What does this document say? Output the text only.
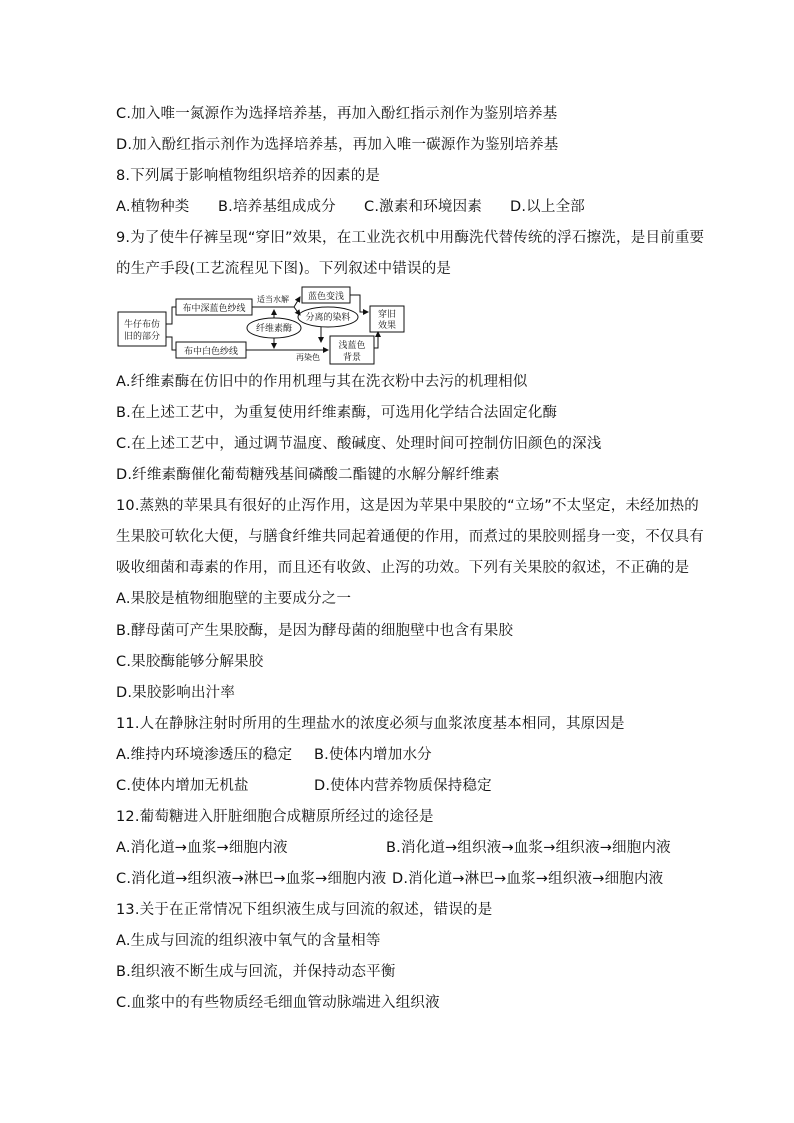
C.加入唯一氮源作为选择培养基，再加入酚红指示剂作为鉴别培养基
D.加入酚红指示剂作为选择培养基，再加入唯一碳源作为鉴别培养基
8.下列属于影响植物组织培养的因素的是
A.植物种类 B.培养基组成成分 C.激素和环境因素 D.以上全部
9.为了使牛仔裤呈现“穿旧”效果，在工业洗衣机中用酶洗代替传统的浮石擦洗，是目前重要
的生产手段(工艺流程见下图)。下列叙述中错误的是
牛仔布仿
旧的部分
布中深蓝色纱线
布中白色纱线
适当水解
纤维素酶
蓝色变浅
分离的染料
再染色
浅蓝色
背景
穿旧
效果
A.纤维素酶在仿旧中的作用机理与其在洗衣粉中去污的机理相似
B.在上述工艺中，为重复使用纤维素酶，可选用化学结合法固定化酶
C.在上述工艺中，通过调节温度、酸碱度、处理时间可控制仿旧颜色的深浅
D.纤维素酶催化葡萄糖残基间磷酸二酯键的水解分解纤维素
10.蒸熟的苹果具有很好的止泻作用，这是因为苹果中果胶的“立场”不太坚定，未经加热的
生果胶可软化大便，与膳食纤维共同起着通便的作用，而煮过的果胶则摇身一变，不仅具有
吸收细菌和毒素的作用，而且还有收敛、止泻的功效。下列有关果胶的叙述，不正确的是
A.果胶是植物细胞壁的主要成分之一
B.酵母菌可产生果胶酶，是因为酵母菌的细胞壁中也含有果胶
C.果胶酶能够分解果胶
D.果胶影响出汁率
11.人在静脉注射时所用的生理盐水的浓度必须与血浆浓度基本相同，其原因是
A.维持内环境渗透压的稳定 B.使体内增加水分
C.使体内增加无机盐	D.使体内营养物质保持稳定
12.葡萄糖进入肝脏细胞合成糖原所经过的途径是
A.消化道→血浆→细胞内液	B.消化道→组织液→血浆→组织液→细胞内液
C.消化道→组织液→淋巴→血浆→细胞内液 D.消化道→淋巴→血浆→组织液→细胞内液
13.关于在正常情况下组织液生成与回流的叙述，错误的是
A.生成与回流的组织液中氧气的含量相等
B.组织液不断生成与回流，并保持动态平衡
C.血浆中的有些物质经毛细血管动脉端进入组织液
